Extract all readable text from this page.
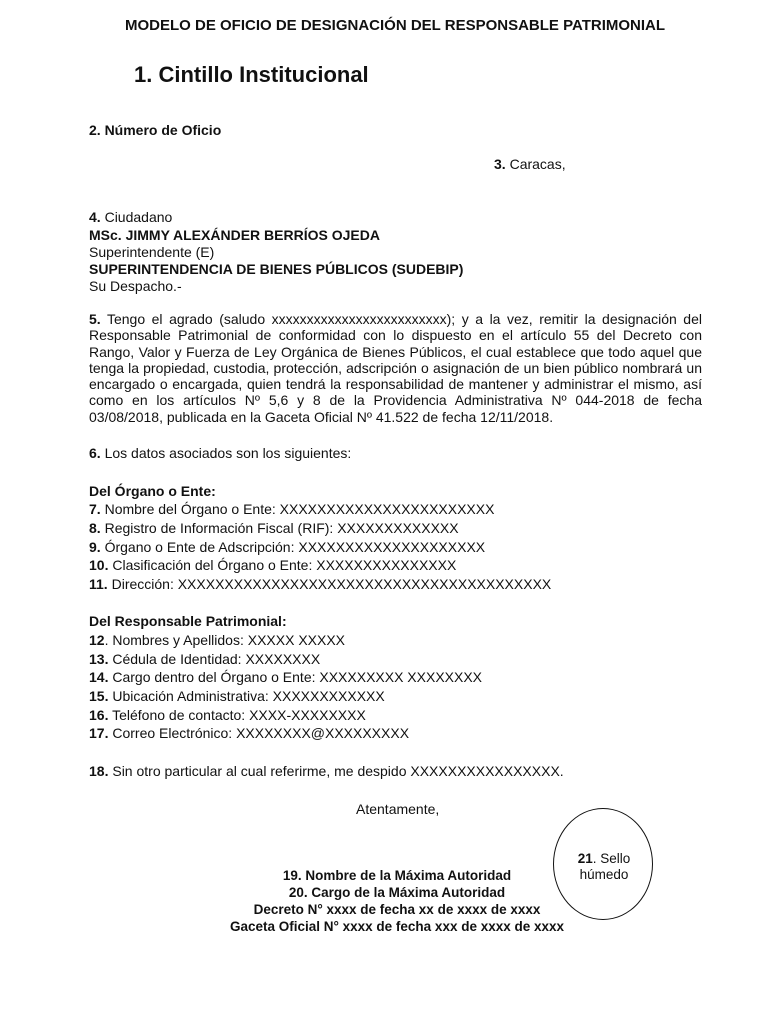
MODELO DE OFICIO DE DESIGNACIÓN DEL RESPONSABLE PATRIMONIAL
1. Cintillo Institucional
2. Número de Oficio
3. Caracas,
4. Ciudadano
MSc. JIMMY ALEXÁNDER BERRÍOS OJEDA
Superintendente (E)
SUPERINTENDENCIA DE BIENES PÚBLICOS (SUDEBIP)
Su Despacho.-
5. Tengo el agrado (saludo xxxxxxxxxxxxxxxxxxxxxxxxx); y a la vez, remitir la designación del Responsable Patrimonial de conformidad con lo dispuesto en el artículo 55 del Decreto con Rango, Valor y Fuerza de Ley Orgánica de Bienes Públicos, el cual establece que todo aquel que tenga la propiedad, custodia, protección, adscripción o asignación de un bien público nombrará un encargado o encargada, quien tendrá la responsabilidad de mantener y administrar el mismo, así como en los artículos Nº 5,6 y 8 de la Providencia Administrativa Nº 044-2018 de fecha 03/08/2018, publicada en la Gaceta Oficial Nº 41.522 de fecha 12/11/2018.
6. Los datos asociados son los siguientes:
Del Órgano o Ente:
7. Nombre del Órgano o Ente: XXXXXXXXXXXXXXXXXXXXXXX
8. Registro de Información Fiscal (RIF): XXXXXXXXXXXXX
9. Órgano o Ente de Adscripción: XXXXXXXXXXXXXXXXXXXX
10. Clasificación del Órgano o Ente: XXXXXXXXXXXXXXX
11. Dirección: XXXXXXXXXXXXXXXXXXXXXXXXXXXXXXXXXXXXXXXX
Del Responsable Patrimonial:
12. Nombres y Apellidos: XXXXX XXXXX
13. Cédula de Identidad: XXXXXXXX
14. Cargo dentro del Órgano o Ente: XXXXXXXXX XXXXXXXX
15. Ubicación Administrativa: XXXXXXXXXXXX
16. Teléfono de contacto: XXXX-XXXXXXXX
17. Correo Electrónico: XXXXXXXX@XXXXXXXXX
18. Sin otro particular al cual referirme, me despido XXXXXXXXXXXXXXXX.
Atentamente,
19. Nombre de la Máxima Autoridad
20. Cargo de la Máxima Autoridad
Decreto N° xxxx de fecha xx de xxxx de xxxx
Gaceta Oficial N° xxxx de fecha xxx de xxxx de xxxx
21. Sello
húmedo
